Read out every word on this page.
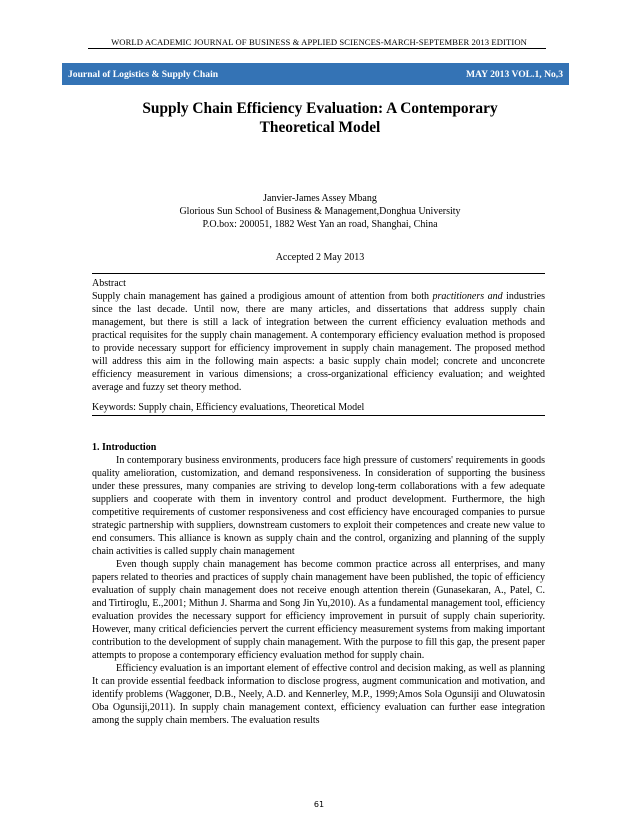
WORLD ACADEMIC JOURNAL OF BUSINESS & APPLIED SCIENCES-MARCH-SEPTEMBER 2013 EDITION
Journal of Logistics & Supply Chain	MAY 2013 VOL.1, No,3
Supply Chain Efficiency Evaluation: A Contemporary
Theoretical Model
Janvier-James Assey Mbang
Glorious Sun School of Business & Management,Donghua University
P.O.box: 200051, 1882 West Yan an road, Shanghai, China
Accepted 2 May 2013
Abstract
Supply chain management has gained a prodigious amount of attention from both practitioners and industries since the last decade. Until now, there are many articles, and dissertations that address supply chain management, but there is still a lack of integration between the current efficiency evaluation methods and practical requisites for the supply chain management. A contemporary efficiency evaluation method is proposed to provide necessary support for efficiency improvement in supply chain management. The proposed method will address this aim in the following main aspects: a basic supply chain model; concrete and unconcrete efficiency measurement in various dimensions; a cross-organizational efficiency evaluation; and weighted average and fuzzy set theory method.
Keywords: Supply chain, Efficiency evaluations, Theoretical Model
1. Introduction
In contemporary business environments, producers face high pressure of customers' requirements in goods quality amelioration, customization, and demand responsiveness. In consideration of supporting the business under these pressures, many companies are striving to develop long-term collaborations with a few adequate suppliers and cooperate with them in inventory control and product development. Furthermore, the high competitive requirements of customer responsiveness and cost efficiency have encouraged companies to pursue strategic partnership with suppliers, downstream customers to exploit their competences and create new value to end consumers. This alliance is known as supply chain and the control, organizing and planning of the supply chain activities is called supply chain management
Even though supply chain management has become common practice across all enterprises, and many papers related to theories and practices of supply chain management have been published, the topic of efficiency evaluation of supply chain management does not receive enough attention therein (Gunasekaran, A., Patel, C. and Tirtiroglu, E.,2001; Mithun J. Sharma and Song Jin Yu,2010). As a fundamental management tool, efficiency evaluation provides the necessary support for efficiency improvement in pursuit of supply chain superiority. However, many critical deficiencies pervert the current efficiency measurement systems from making important contribution to the development of supply chain management. With the purpose to fill this gap, the present paper attempts to propose a contemporary efficiency evaluation method for supply chain.
Efficiency evaluation is an important element of effective control and decision making, as well as planning It can provide essential feedback information to disclose progress, augment communication and motivation, and identify problems (Waggoner, D.B., Neely, A.D. and Kennerley, M.P., 1999;Amos Sola Ogunsiji and Oluwatosin Oba Ogunsiji,2011). In supply chain management context, efficiency evaluation can further ease integration among the supply chain members. The evaluation results
61
